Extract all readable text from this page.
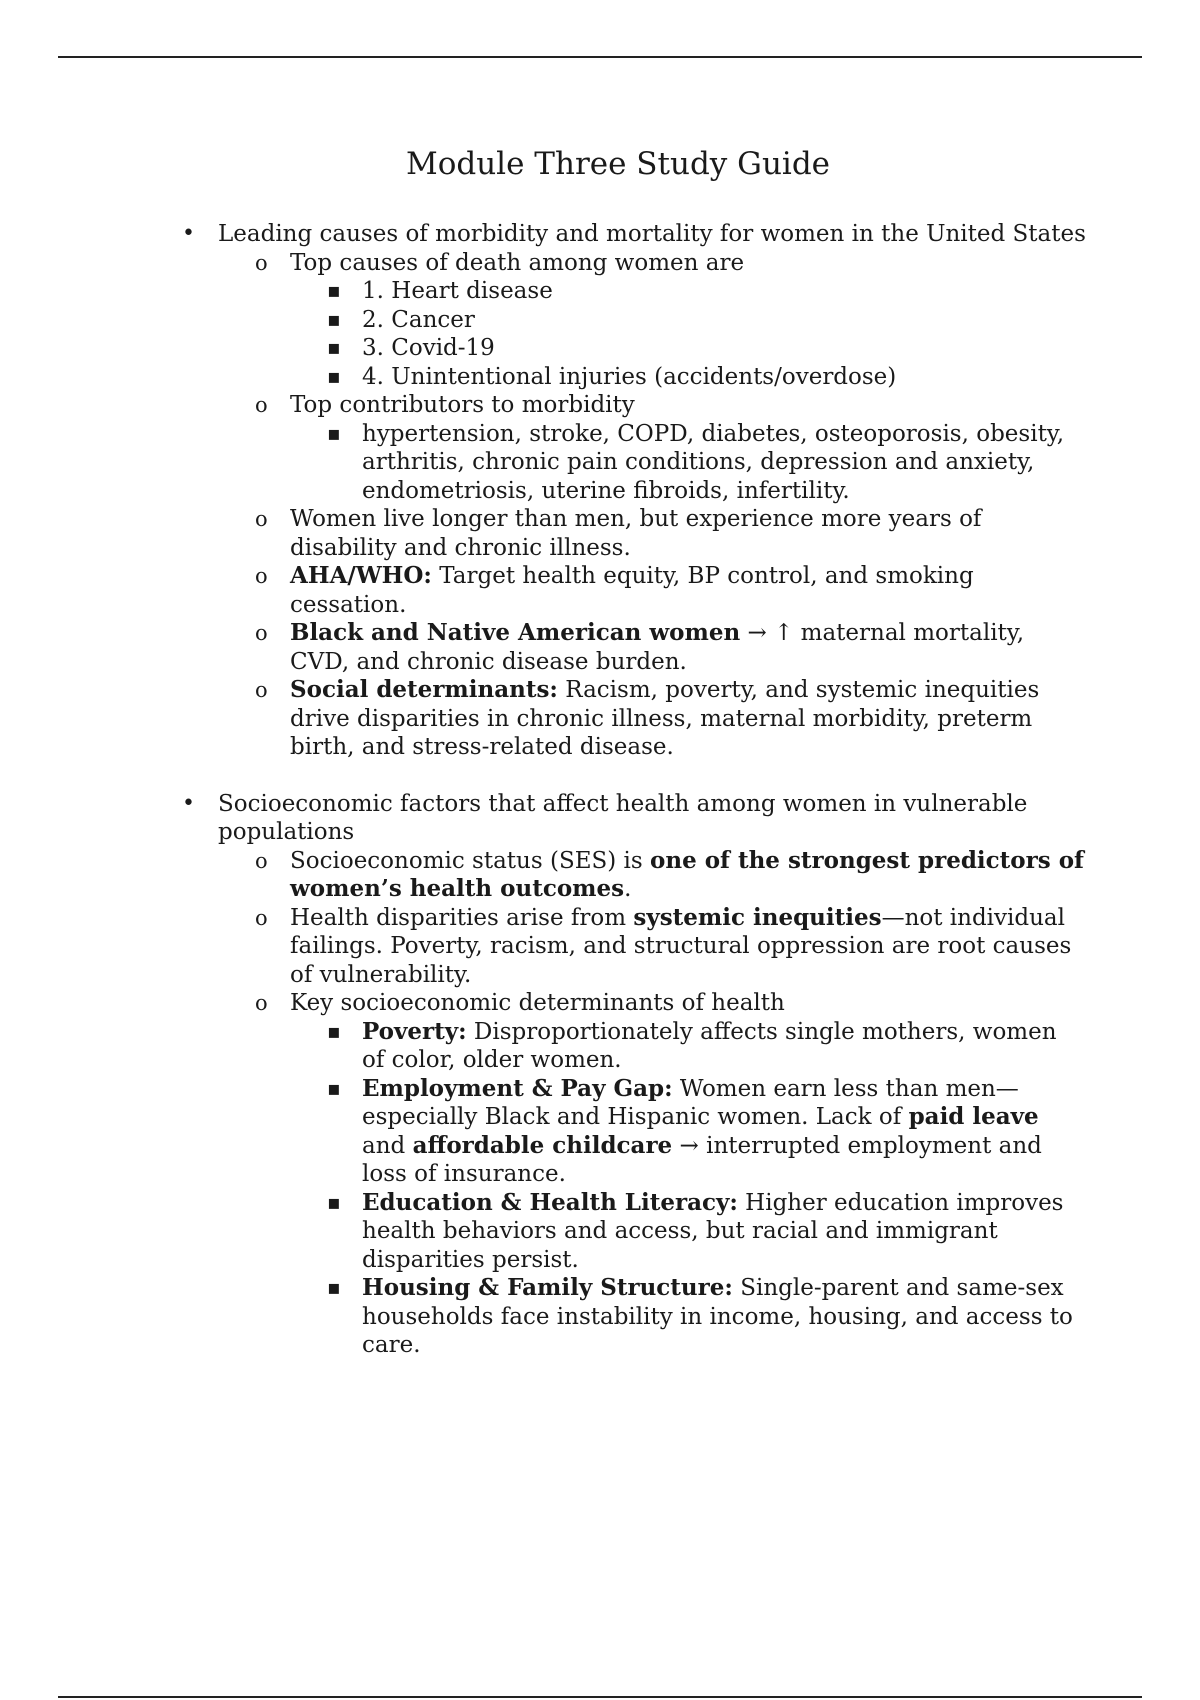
Module Three Study Guide
• Leading causes of morbidity and mortality for women in the United States
o Top causes of death among women are
▪ 1. Heart disease
▪ 2. Cancer
▪ 3. Covid-19
▪ 4. Unintentional injuries (accidents/overdose)
o Top contributors to morbidity
▪ hypertension, stroke, COPD, diabetes, osteoporosis, obesity, arthritis, chronic pain conditions, depression and anxiety, endometriosis, uterine fibroids, infertility.
o Women live longer than men, but experience more years of disability and chronic illness.
o AHA/WHO: Target health equity, BP control, and smoking cessation.
o Black and Native American women → ↑ maternal mortality, CVD, and chronic disease burden.
o Social determinants: Racism, poverty, and systemic inequities drive disparities in chronic illness, maternal morbidity, preterm birth, and stress-related disease.
• Socioeconomic factors that affect health among women in vulnerable populations
o Socioeconomic status (SES) is one of the strongest predictors of women’s health outcomes.
o Health disparities arise from systemic inequities—not individual failings. Poverty, racism, and structural oppression are root causes of vulnerability.
o Key socioeconomic determinants of health
▪ Poverty: Disproportionately affects single mothers, women of color, older women.
▪ Employment & Pay Gap: Women earn less than men—especially Black and Hispanic women. Lack of paid leave and affordable childcare → interrupted employment and loss of insurance.
▪ Education & Health Literacy: Higher education improves health behaviors and access, but racial and immigrant disparities persist.
▪ Housing & Family Structure: Single-parent and same-sex households face instability in income, housing, and access to care.
